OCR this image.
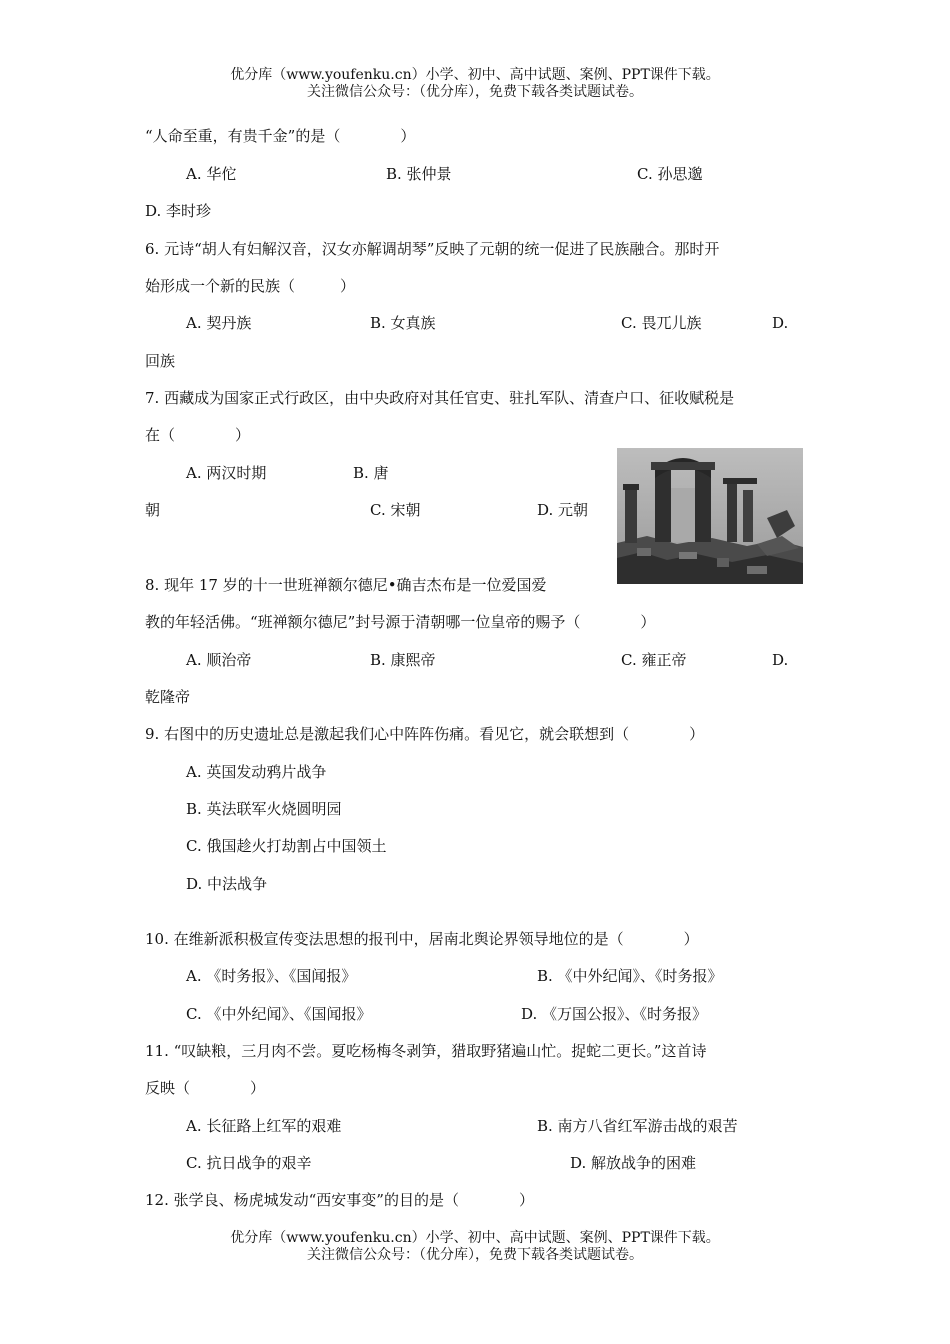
优分库（www.youfenku.cn）小学、初中、高中试题、案例、PPT课件下载。
关注微信公众号：（优分库），免费下载各类试题试卷。
“人命至重，有贵千金”的是（　　　　）
A. 华佗	B. 张仲景	C. 孙思邈
D. 李时珍
6. 元诗“胡人有妇解汉音，汉女亦解调胡琴”反映了元朝的统一促进了民族融合。那时开
始形成一个新的民族（　　　）
A. 契丹族	B. 女真族	C. 畏兀儿族	D.
回族
7. 西藏成为国家正式行政区，由中央政府对其任官吏、驻扎军队、清查户口、征收赋税是
在（　　　　）
A. 两汉时期	B. 唐
朝	C. 宋朝	D. 元朝
8. 现年 17 岁的十一世班禅额尔德尼•确吉杰布是一位爱国爱
教的年轻活佛。“班禅额尔德尼”封号源于清朝哪一位皇帝的赐予（　　　　）
A. 顺治帝	B. 康熙帝	C. 雍正帝	D.
乾隆帝
9. 右图中的历史遗址总是激起我们心中阵阵伤痛。看见它，就会联想到（　　　　）
A. 英国发动鸦片战争
B. 英法联军火烧圆明园
C. 俄国趁火打劫割占中国领土
D. 中法战争
10. 在维新派积极宣传变法思想的报刊中，居南北舆论界领导地位的是（　　　　）
A. 《时务报》、《国闻报》	B. 《中外纪闻》、《时务报》
C. 《中外纪闻》、《国闻报》	D. 《万国公报》、《时务报》
11. “叹缺粮，三月肉不尝。夏吃杨梅冬剥笋，猎取野猪遍山忙。捉蛇二更长。”这首诗
反映（　　　　）
A. 长征路上红军的艰难	B. 南方八省红军游击战的艰苦
C. 抗日战争的艰辛	D. 解放战争的困难
12. 张学良、杨虎城发动“西安事变”的目的是（　　　　）
优分库（www.youfenku.cn）小学、初中、高中试题、案例、PPT课件下载。
关注微信公众号：（优分库），免费下载各类试题试卷。
